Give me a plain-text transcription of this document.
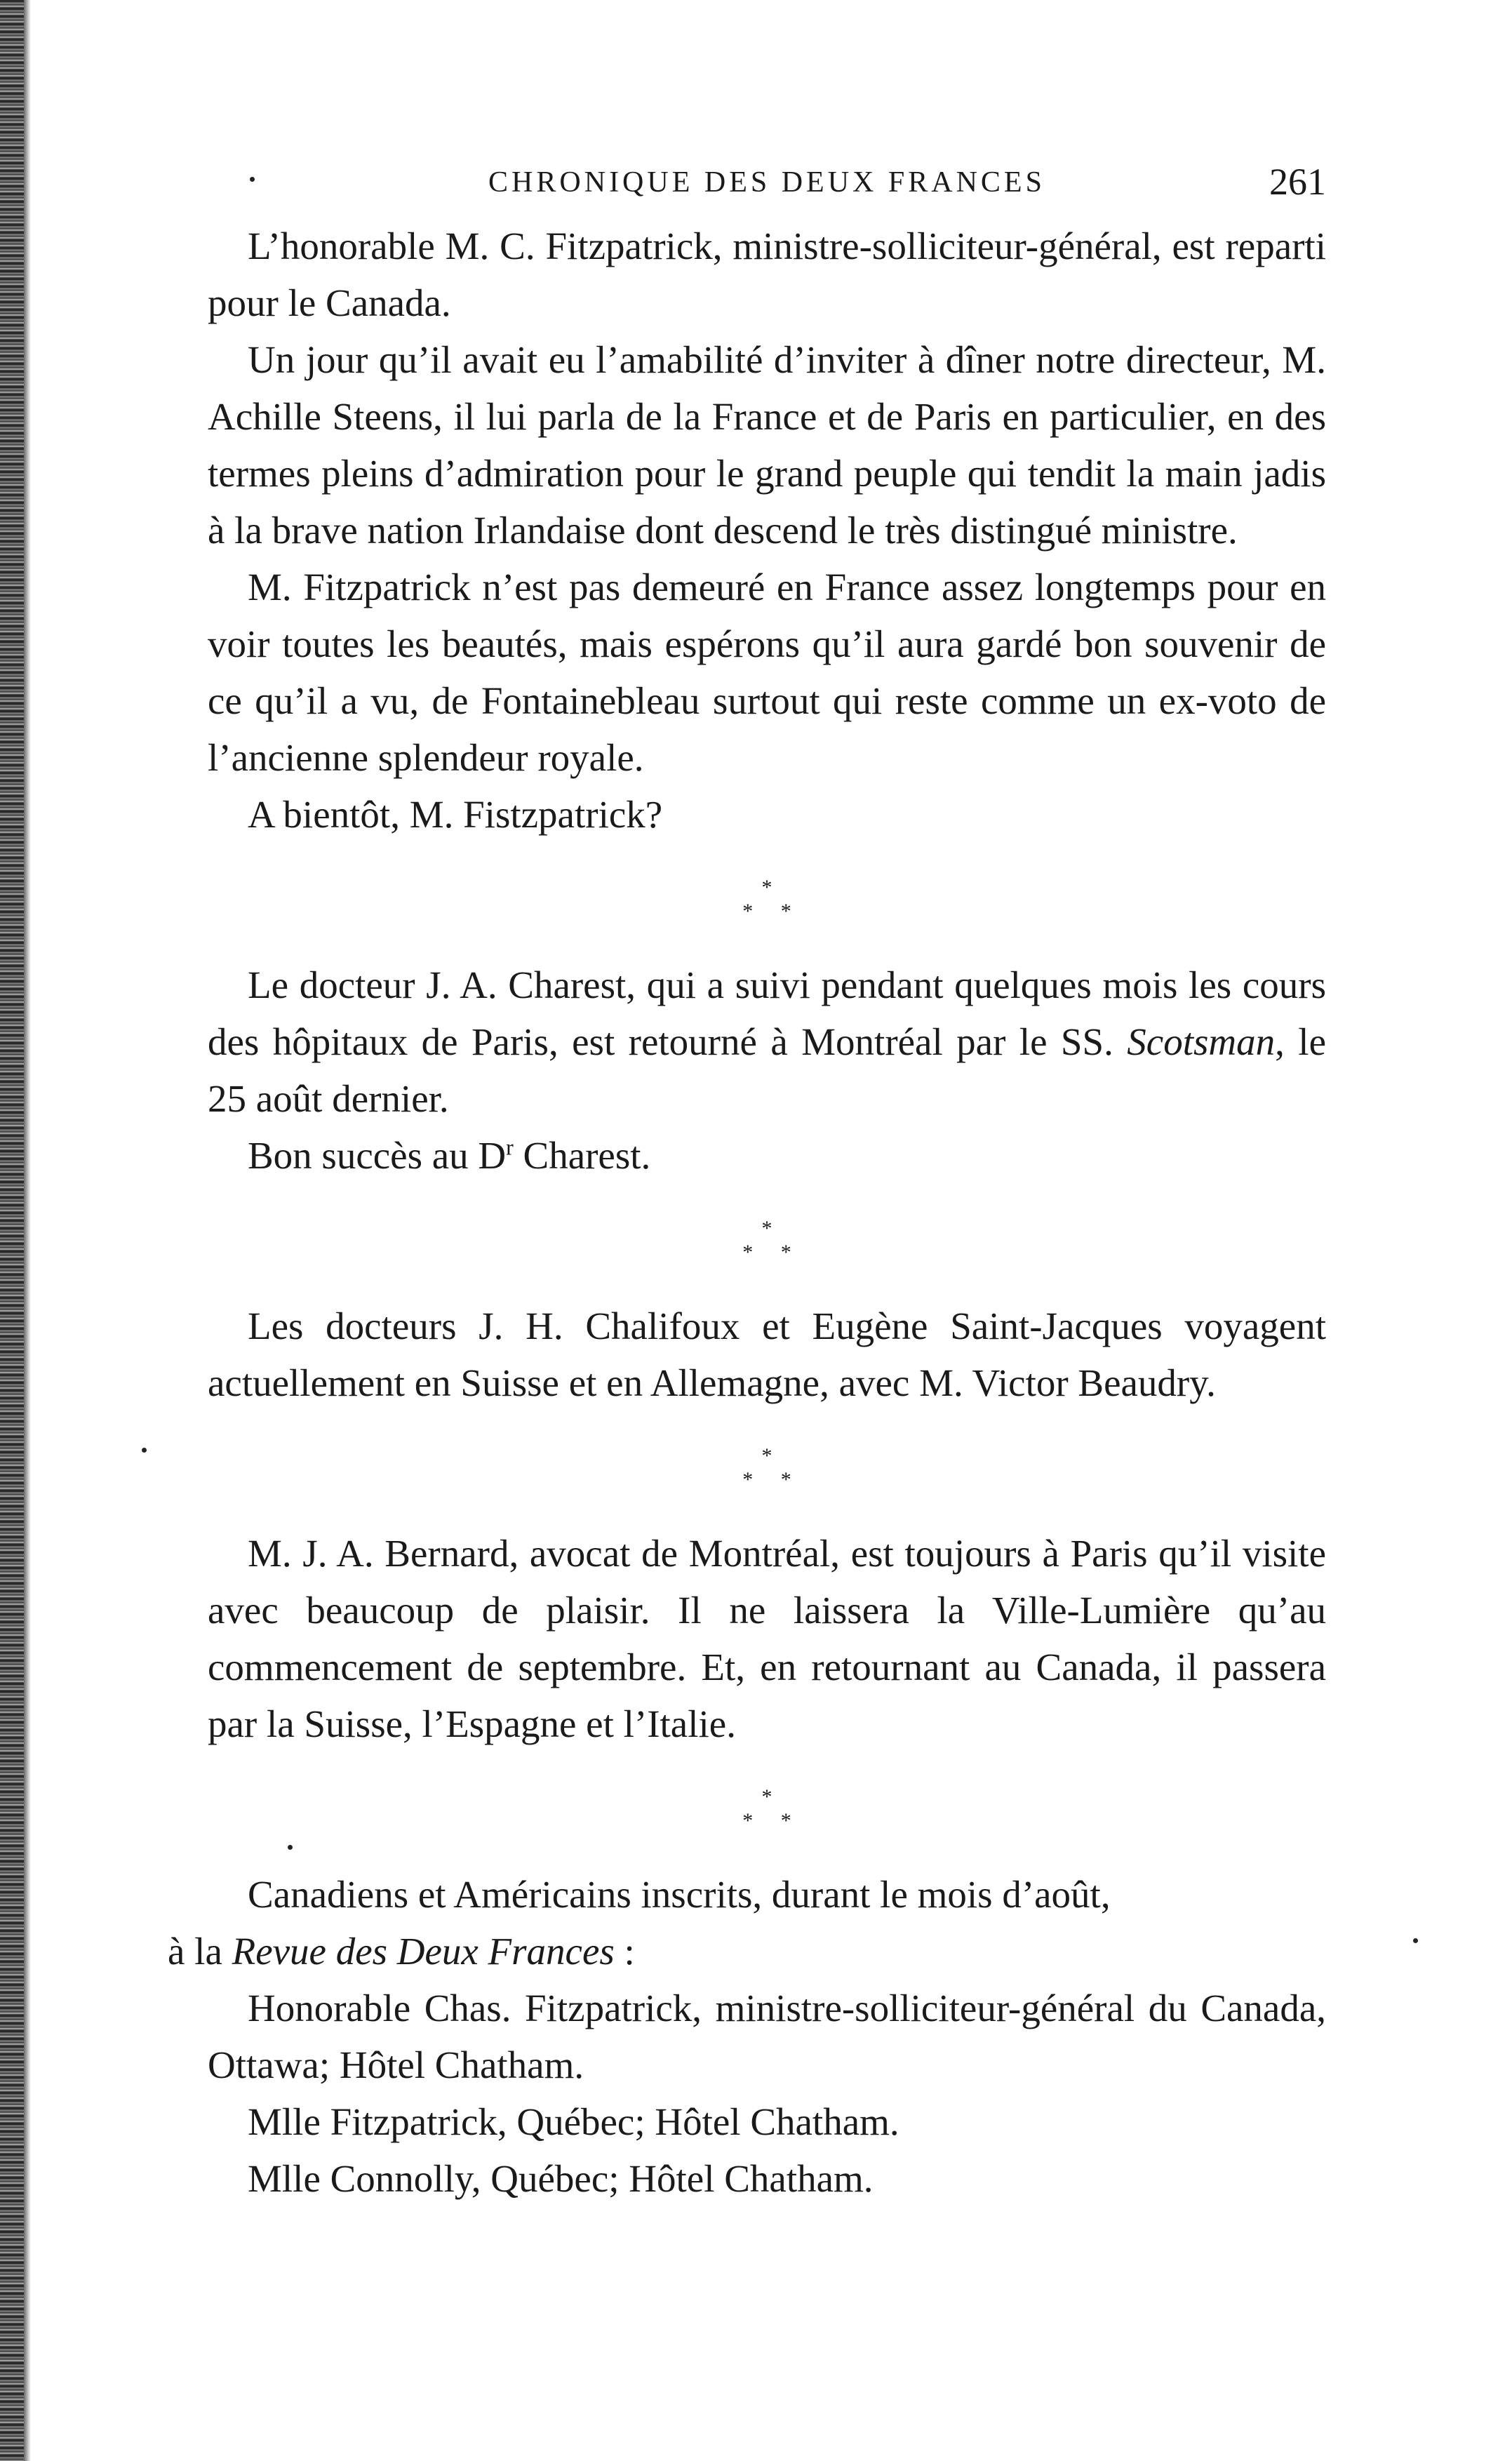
CHRONIQUE DES DEUX FRANCES	261

L’honorable M. C. Fitzpatrick, ministre-solliciteur-général, est reparti pour le Canada.

Un jour qu’il avait eu l’amabilité d’inviter à dîner notre directeur, M. Achille Steens, il lui parla de la France et de Paris en particulier, en des termes pleins d’admiration pour le grand peuple qui tendit la main jadis à la brave nation Irlandaise dont descend le très distingué ministre.

M. Fitzpatrick n’est pas demeuré en France assez longtemps pour en voir toutes les beautés, mais espérons qu’il aura gardé bon souvenir de ce qu’il a vu, de Fontainebleau surtout qui reste comme un ex-voto de l’ancienne splendeur royale.

A bientôt, M. Fistzpatrick?

*
* *

Le docteur J. A. Charest, qui a suivi pendant quelques mois les cours des hôpitaux de Paris, est retourné à Montréal par le SS. Scotsman, le 25 août dernier.

Bon succès au $D^r$ Charest.

*
* *

Les docteurs J. H. Chalifoux et Eugène Saint-Jacques voyagent actuellement en Suisse et en Allemagne, avec M. Victor Beaudry.

*
* *

M. J. A. Bernard, avocat de Montréal, est toujours à Paris qu’il visite avec beaucoup de plaisir. Il ne laissera la Ville-Lumière qu’au commencement de septembre. Et, en retournant au Canada, il passera par la Suisse, l’Espagne et l’Italie.

*
* *

Canadiens et Américains inscrits, durant le mois d’août,
à la Revue des Deux Frances :

Honorable Chas. Fitzpatrick, ministre-solliciteur-général du Canada, Ottawa; Hôtel Chatham.

Mlle Fitzpatrick, Québec; Hôtel Chatham.

Mlle Connolly, Québec; Hôtel Chatham.
